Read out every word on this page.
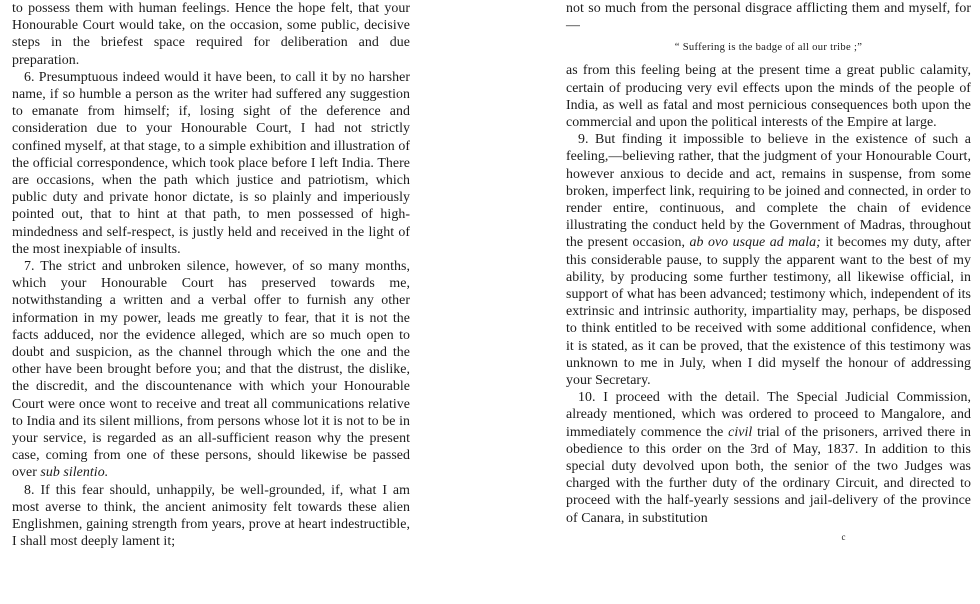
to possess them with human feelings. Hence the hope felt, that your Honourable Court would take, on the occasion, some public, decisive steps in the briefest space required for deliberation and due preparation.

6. Presumptuous indeed would it have been, to call it by no harsher name, if so humble a person as the writer had suffered any suggestion to emanate from himself; if, losing sight of the deference and consideration due to your Honourable Court, I had not strictly confined myself, at that stage, to a simple exhibition and illustration of the official correspondence, which took place before I left India. There are occasions, when the path which justice and patriotism, which public duty and private honor dictate, is so plainly and imperiously pointed out, that to hint at that path, to men possessed of high-mindedness and self-respect, is justly held and received in the light of the most inexpiable of insults.

7. The strict and unbroken silence, however, of so many months, which your Honourable Court has preserved towards me, notwithstanding a written and a verbal offer to furnish any other information in my power, leads me greatly to fear, that it is not the facts adduced, nor the evidence alleged, which are so much open to doubt and suspicion, as the channel through which the one and the other have been brought before you; and that the distrust, the dislike, the discredit, and the discountenance with which your Honourable Court were once wont to receive and treat all communications relative to India and its silent millions, from persons whose lot it is not to be in your service, is regarded as an all-sufficient reason why the present case, coming from one of these persons, should likewise be passed over sub silentio.

8. If this fear should, unhappily, be well-grounded, if, what I am most averse to think, the ancient animosity felt towards these alien Englishmen, gaining strength from years, prove at heart indestructible, I shall most deeply lament it;

not so much from the personal disgrace afflicting them and myself, for—

“ Suffering is the badge of all our tribe ;”

as from this feeling being at the present time a great public calamity, certain of producing very evil effects upon the minds of the people of India, as well as fatal and most pernicious consequences both upon the commercial and upon the political interests of the Empire at large.

9. But finding it impossible to believe in the existence of such a feeling,—believing rather, that the judgment of your Honourable Court, however anxious to decide and act, remains in suspense, from some broken, imperfect link, requiring to be joined and connected, in order to render entire, continuous, and complete the chain of evidence illustrating the conduct held by the Government of Madras, throughout the present occasion, ab ovo usque ad mala; it becomes my duty, after this considerable pause, to supply the apparent want to the best of my ability, by producing some further testimony, all likewise official, in support of what has been advanced; testimony which, independent of its extrinsic and intrinsic authority, impartiality may, perhaps, be disposed to think entitled to be received with some additional confidence, when it is stated, as it can be proved, that the existence of this testimony was unknown to me in July, when I did myself the honour of addressing your Secretary.

10. I proceed with the detail. The Special Judicial Commission, already mentioned, which was ordered to proceed to Mangalore, and immediately commence the civil trial of the prisoners, arrived there in obedience to this order on the 3rd of May, 1837. In addition to this special duty devolved upon both, the senior of the two Judges was charged with the further duty of the ordinary Circuit, and directed to proceed with the half-yearly sessions and jail-delivery of the province of Canara, in substitution

c
